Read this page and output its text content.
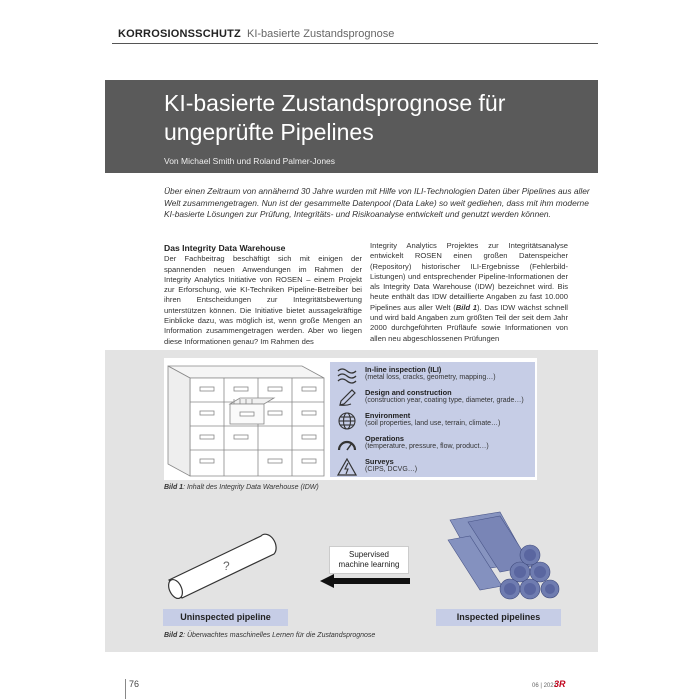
KORROSIONSSCHUTZ KI-basierte Zustandsprognose
KI-basierte Zustandsprognose für
ungeprüfte Pipelines
Von Michael Smith und Roland Palmer-Jones
Über einen Zeitraum von annähernd 30 Jahre wurden mit Hilfe von ILI-Technologien Daten über Pipelines aus aller Welt zusammengetragen. Nun ist der gesammelte Datenpool (Data Lake) so weit gediehen, dass mit ihm moderne KI-basierte Lösungen zur Prüfung, Integritäts- und Risikoanalyse entwickelt und genutzt werden können.
Das Integrity Data Warehouse

Der Fachbeitrag beschäftigt sich mit einigen der spannenden neuen Anwendungen im Rahmen der Integrity Analytics Initiative von ROSEN – einem Projekt zur Erforschung, wie KI-Techniken Pipeline-Betreiber bei ihren Entscheidungen zur Integritätsbewertung unterstützen können. Die Initiative bietet aussagekräftige Einblicke dazu, was möglich ist, wenn große Mengen an Information zusammengetragen werden. Aber wo liegen diese Informationen genau? Im Rahmen des

Integrity Analytics Projektes zur Integritätsanalyse entwickelt ROSEN einen großen Datenspeicher (Repository) historischer ILI-Ergebnisse (Fehlerbild-Listungen) und entsprechender Pipeline-Informationen der als Integrity Data Warehouse (IDW) bezeichnet wird. Bis heute enthält das IDW detaillierte Angaben zu fast 10.000 Pipelines aus aller Welt (Bild 1). Das IDW wächst schnell und wird bald Angaben zum größten Teil der seit dem Jahr 2000 durchgeführten Prüfläufe sowie Informationen von allen neu abgeschlossenen Prüfungen

In-line inspection (ILI)
(metal loss, cracks, geometry, mapping…)
Design and construction
(construction year, coating type, diameter, grade…)
Environment
(soil properties, land use, terrain, climate…)
Operations
(temperature, pressure, flow, product…)
Surveys
(CIPS, DCVG…)
Bild 1: Inhalt des Integrity Data Warehouse (IDW)
?
Supervised
machine learning
Uninspected pipeline	Inspected pipelines
Bild 2: Überwachtes maschinelles Lernen für die Zustandsprognose
76	06 | 2021
3R
